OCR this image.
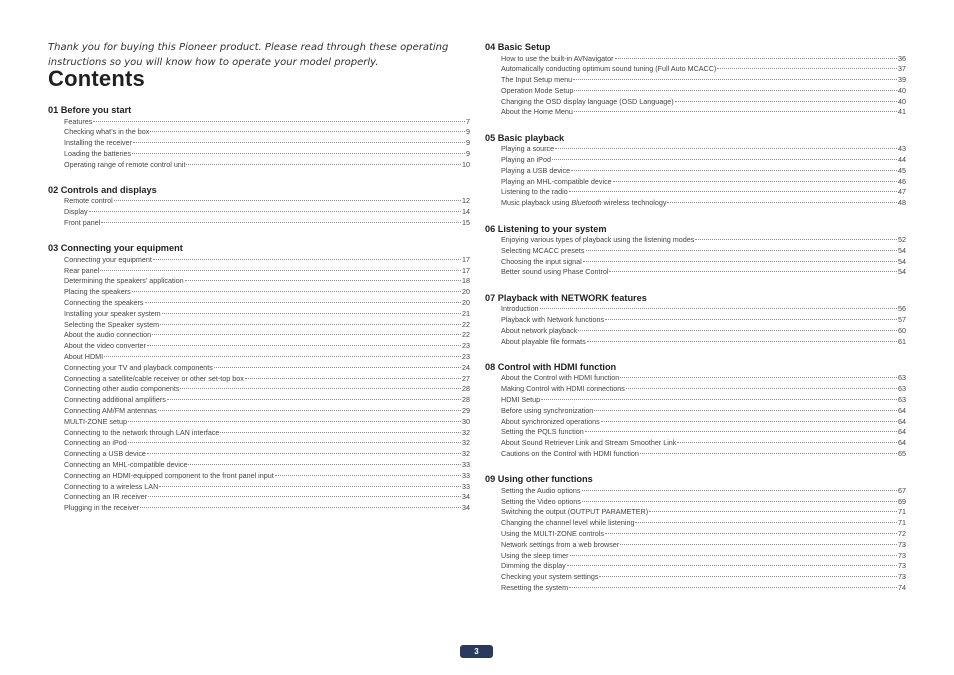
Thank you for buying this Pioneer product. Please read through these operating instructions so you will know how to operate your model properly.
Contents
01 Before you start
Features	7
Checking what’s in the box	9
Installing the receiver	9
Loading the batteries	9
Operating range of remote control unit	10
02 Controls and displays
Remote control	12
Display	14
Front panel	15
03 Connecting your equipment
Connecting your equipment	17
Rear panel	17
Determining the speakers’ application	18
Placing the speakers	20
Connecting the speakers	20
Installing your speaker system	21
Selecting the Speaker system	22
About the audio connection	22
About the video converter	23
About HDMI	23
Connecting your TV and playback components	24
Connecting a satellite/cable receiver or other set-top box	27
Connecting other audio components	28
Connecting additional amplifiers	28
Connecting AM/FM antennas	29
MULTI-ZONE setup	30
Connecting to the network through LAN interface	32
Connecting an iPod	32
Connecting a USB device	32
Connecting an MHL-compatible device	33
Connecting an HDMI-equipped component to the front panel input	33
Connecting to a wireless LAN	33
Connecting an IR receiver	34
Plugging in the receiver	34
04 Basic Setup
How to use the built-in AVNavigator	36
Automatically conducting optimum sound tuning (Full Auto MCACC)	37
The Input Setup menu	39
Operation Mode Setup	40
Changing the OSD display language (OSD Language)	40
About the Home Menu	41
05 Basic playback
Playing a source	43
Playing an iPod	44
Playing a USB device	45
Playing an MHL-compatible device	46
Listening to the radio	47
Music playback using Bluetooth wireless technology	48
06 Listening to your system
Enjoying various types of playback using the listening modes	52
Selecting MCACC presets	54
Choosing the input signal	54
Better sound using Phase Control	54
07 Playback with NETWORK features
Introduction	56
Playback with Network functions	57
About network playback	60
About playable file formats	61
08 Control with HDMI function
About the Control with HDMI function	63
Making Control with HDMI connections	63
HDMI Setup	63
Before using synchronization	64
About synchronized operations	64
Setting the PQLS function	64
About Sound Retriever Link and Stream Smoother Link	64
Cautions on the Control with HDMI function	65
09 Using other functions
Setting the Audio options	67
Setting the Video options	69
Switching the output (OUTPUT PARAMETER)	71
Changing the channel level while listening	71
Using the MULTI-ZONE controls	72
Network settings from a web browser	73
Using the sleep timer	73
Dimming the display	73
Checking your system settings	73
Resetting the system	74
3
